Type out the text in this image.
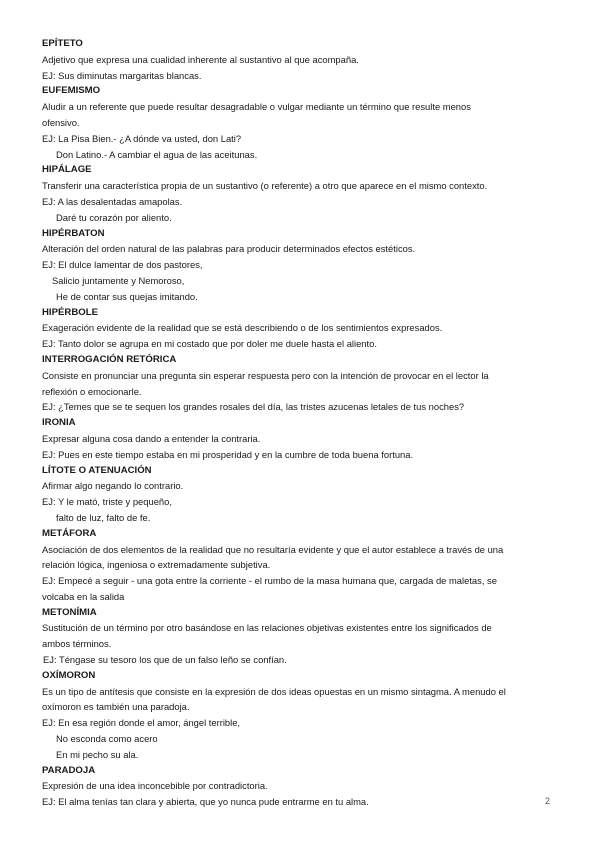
EPÍTETO

Adjetivo que expresa una cualidad inherente al sustantivo al que acompaña.

EJ: Sus diminutas margaritas blancas.

EUFEMISMO

Aludir a un referente que puede resultar desagradable o vulgar mediante un término que resulte menos

ofensivo.

EJ: La Pisa Bien.- ¿A dónde va usted, don Lati?

Don Latino.- A cambiar el agua de las aceitunas.

HIPÁLAGE

Transferir una característica propia de un sustantivo (o referente) a otro que aparece en el mismo contexto.

EJ: A las desalentadas amapolas.

Daré tu corazón por aliento.

HIPÉRBATON

Alteración del orden natural de las palabras para producir determinados efectos estéticos.

EJ: El dulce lamentar de dos pastores,

Salicio juntamente y Nemoroso,

He de contar sus quejas imitando.

HIPÉRBOLE

Exageración evidente de la realidad que se está describiendo o de los sentimientos expresados.

EJ: Tanto dolor se agrupa en mi costado que por doler me duele hasta el aliento.

INTERROGACIÓN RETÓRICA

Consiste en pronunciar una pregunta sin esperar respuesta pero con la intención de provocar en el lector la

reflexión o emocionarle.

EJ: ¿Temes que se te sequen los grandes rosales del día, las tristes azucenas letales de tus noches?

IRONIA

Expresar alguna cosa dando a entender la contraria.

EJ: Pues en este tiempo estaba en mi prosperidad y en la cumbre de toda buena fortuna.

LÍTOTE O ATENUACIÓN

Afirmar algo negando lo contrario.

EJ: Y le mató, triste y pequeño,

falto de luz, falto de fe.

METÁFORA

Asociación de dos elementos de la realidad que no resultaría evidente y que el autor establece a través de una

relación lógica, ingeniosa o extremadamente subjetiva.

EJ: Empecé a seguir - una gota entre la corriente - el rumbo de la masa humana que, cargada de maletas, se

volcaba en la salida

METONÍMIA

Sustitución de un término por otro basándose en las relaciones objetivas existentes entre los significados de

ambos términos.

EJ: Téngase su tesoro los que de un falso leño se confían.

OXÍMORON

Es un tipo de antítesis que consiste en la expresión de dos ideas opuestas en un mismo sintagma. A menudo el

oxímoron es también una paradoja.

EJ: En esa región donde el amor, ángel terrible,

No esconda como acero

En mi pecho su ala.

PARADOJA

Expresión de una idea inconcebible por contradictoria.

EJ: El alma tenías tan clara y abierta, que yo nunca pude entrarme en tu alma.	2
